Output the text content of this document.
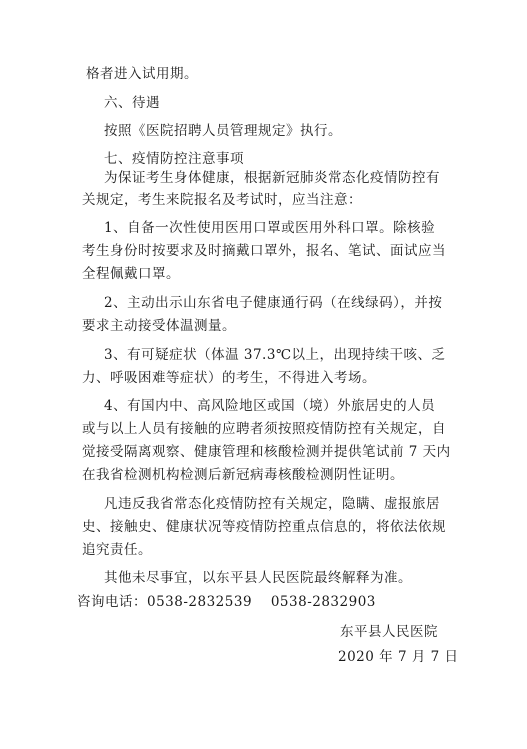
格者进入试用期。
六、待遇
按照《医院招聘人员管理规定》执行。
七、疫情防控注意事项
为保证考生身体健康，根据新冠肺炎常态化疫情防控有
关规定，考生来院报名及考试时，应当注意：
1、自备一次性使用医用口罩或医用外科口罩。除核验
考生身份时按要求及时摘戴口罩外，报名、笔试、面试应当
全程佩戴口罩。
2、主动出示山东省电子健康通行码（在线绿码），并按
要求主动接受体温测量。
3、有可疑症状（体温 37.3℃以上，出现持续干咳、乏
力、呼吸困难等症状）的考生，不得进入考场。
4、有国内中、高风险地区或国（境）外旅居史的人员
或与以上人员有接触的应聘者须按照疫情防控有关规定，自
觉接受隔离观察、健康管理和核酸检测并提供笔试前 7 天内
在我省检测机构检测后新冠病毒核酸检测阴性证明。
凡违反我省常态化疫情防控有关规定，隐瞒、虚报旅居
史、接触史、健康状况等疫情防控重点信息的，将依法依规
追究责任。
其他未尽事宜，以东平县人民医院最终解释为准。
咨询电话：0538-2832539　 0538-2832903
东平县人民医院
2020 年 7 月 7 日
